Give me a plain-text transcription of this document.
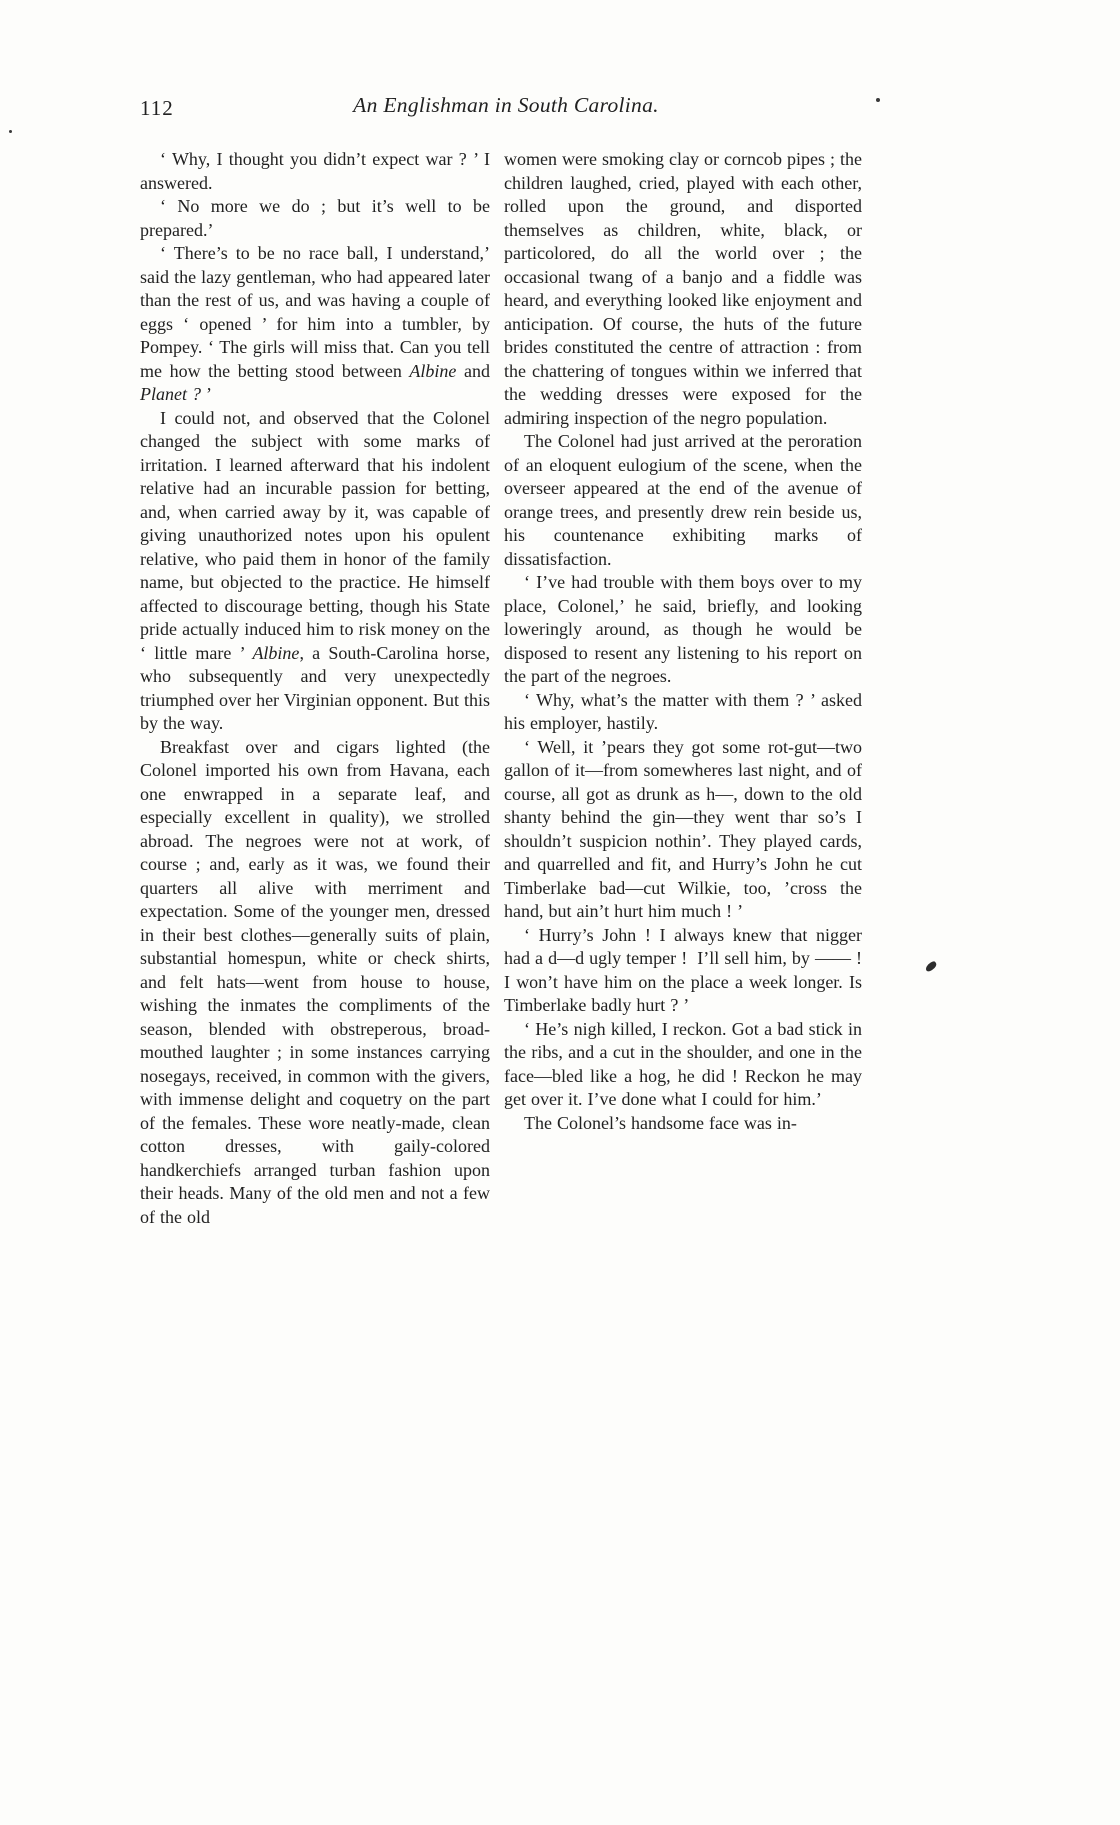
112	An Englishman in South Carolina.

‘ Why, I thought you didn’t expect war ? ’ I answered.

‘ No more we do ; but it’s well to be prepared.’

‘ There’s to be no race ball, I understand,’ said the lazy gentleman, who had appeared later than the rest of us, and was having a couple of eggs ‘ opened ’ for him into a tumbler, by Pompey. ‘ The girls will miss that. Can you tell me how the betting stood between Albine and Planet ? ’

I could not, and observed that the Colonel changed the subject with some marks of irritation. I learned afterward that his indolent relative had an incurable passion for betting, and, when carried away by it, was capable of giving unauthorized notes upon his opulent relative, who paid them in honor of the family name, but objected to the practice. He himself affected to discourage betting, though his State pride actually induced him to risk money on the ‘ little mare ’ Albine, a South-Carolina horse, who subsequently and very unexpectedly triumphed over her Virginian opponent. But this by the way.

Breakfast over and cigars lighted (the Colonel imported his own from Havana, each one enwrapped in a separate leaf, and especially excellent in quality), we strolled abroad. The negroes were not at work, of course ; and, early as it was, we found their quarters all alive with merriment and expectation. Some of the younger men, dressed in their best clothes—generally suits of plain, substantial homespun, white or check shirts, and felt hats—went from house to house, wishing the inmates the compliments of the season, blended with obstreperous, broad-mouthed laughter ; in some instances carrying nosegays, received, in common with the givers, with immense delight and coquetry on the part of the females. These wore neatly-made, clean cotton dresses, with gaily-colored handkerchiefs arranged turban fashion upon their heads. Many of the old men and not a few of the old

women were smoking clay or corncob pipes ; the children laughed, cried, played with each other, rolled upon the ground, and disported themselves as children, white, black, or particolored, do all the world over ; the occasional twang of a banjo and a fiddle was heard, and everything looked like enjoyment and anticipation. Of course, the huts of the future brides constituted the centre of attraction : from the chattering of tongues within we inferred that the wedding dresses were exposed for the admiring inspection of the negro population.

The Colonel had just arrived at the peroration of an eloquent eulogium of the scene, when the overseer appeared at the end of the avenue of orange trees, and presently drew rein beside us, his countenance exhibiting marks of dissatisfaction.

‘ I’ve had trouble with them boys over to my place, Colonel,’ he said, briefly, and looking loweringly around, as though he would be disposed to resent any listening to his report on the part of the negroes.

‘ Why, what’s the matter with them ? ’ asked his employer, hastily.

‘ Well, it ’pears they got some rot-gut—two gallon of it—from somewheres last night, and of course, all got as drunk as h—, down to the old shanty behind the gin—they went thar so’s I shouldn’t suspicion nothin’. They played cards, and quarrelled and fit, and Hurry’s John he cut Timberlake bad—cut Wilkie, too, ’cross the hand, but ain’t hurt him much ! ’

‘ Hurry’s John ! I always knew that nigger had a d—d ugly temper ! I’ll sell him, by —— ! I won’t have him on the place a week longer. Is Timberlake badly hurt ? ’

‘ He’s nigh killed, I reckon. Got a bad stick in the ribs, and a cut in the shoulder, and one in the face—bled like a hog, he did ! Reckon he may get over it. I’ve done what I could for him.’

The Colonel’s handsome face was in-
